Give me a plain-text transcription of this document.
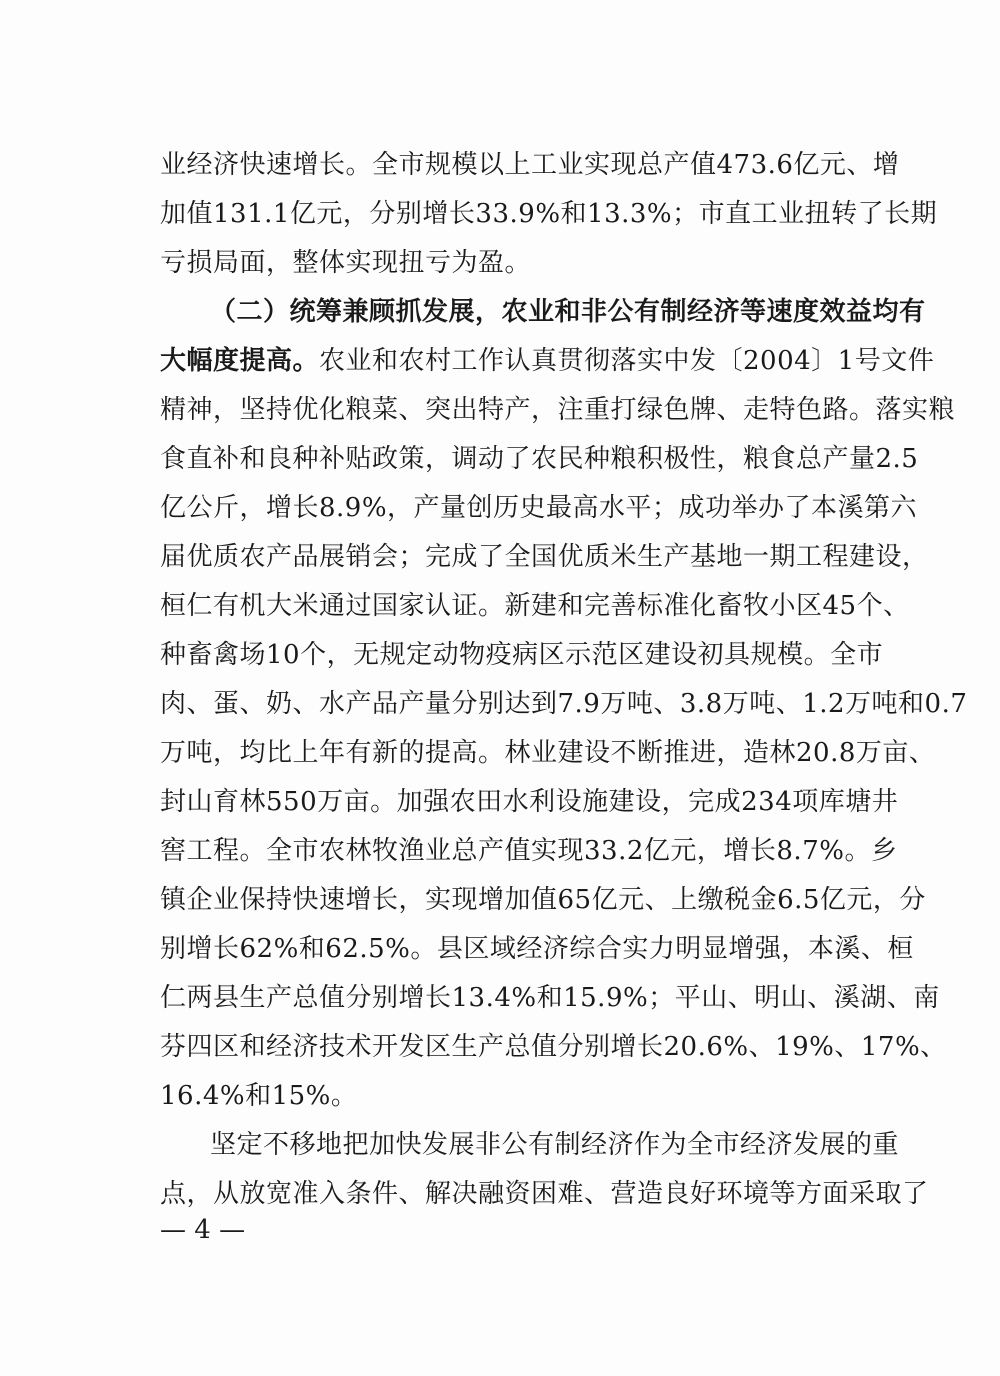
业经济快速增长。全市规模以上工业实现总产值473.6亿元、增
加值131.1亿元，分别增长33.9%和13.3%；市直工业扭转了长期
亏损局面，整体实现扭亏为盈。
（二）统筹兼顾抓发展，农业和非公有制经济等速度效益均有
大幅度提高。农业和农村工作认真贯彻落实中发〔2004〕1号文件
精神，坚持优化粮菜、突出特产，注重打绿色牌、走特色路。落实粮
食直补和良种补贴政策，调动了农民种粮积极性，粮食总产量2.5
亿公斤，增长8.9%，产量创历史最高水平；成功举办了本溪第六
届优质农产品展销会；完成了全国优质米生产基地一期工程建设，
桓仁有机大米通过国家认证。新建和完善标准化畜牧小区45个、
种畜禽场10个，无规定动物疫病区示范区建设初具规模。全市
肉、蛋、奶、水产品产量分别达到7.9万吨、3.8万吨、1.2万吨和0.7
万吨，均比上年有新的提高。林业建设不断推进，造林20.8万亩、
封山育林550万亩。加强农田水利设施建设，完成234项库塘井
窖工程。全市农林牧渔业总产值实现33.2亿元，增长8.7%。乡
镇企业保持快速增长，实现增加值65亿元、上缴税金6.5亿元，分
别增长62%和62.5%。县区域经济综合实力明显增强，本溪、桓
仁两县生产总值分别增长13.4%和15.9%；平山、明山、溪湖、南
芬四区和经济技术开发区生产总值分别增长20.6%、19%、17%、
16.4%和15%。
坚定不移地把加快发展非公有制经济作为全市经济发展的重
点，从放宽准入条件、解决融资困难、营造良好环境等方面采取了
— 4 —
